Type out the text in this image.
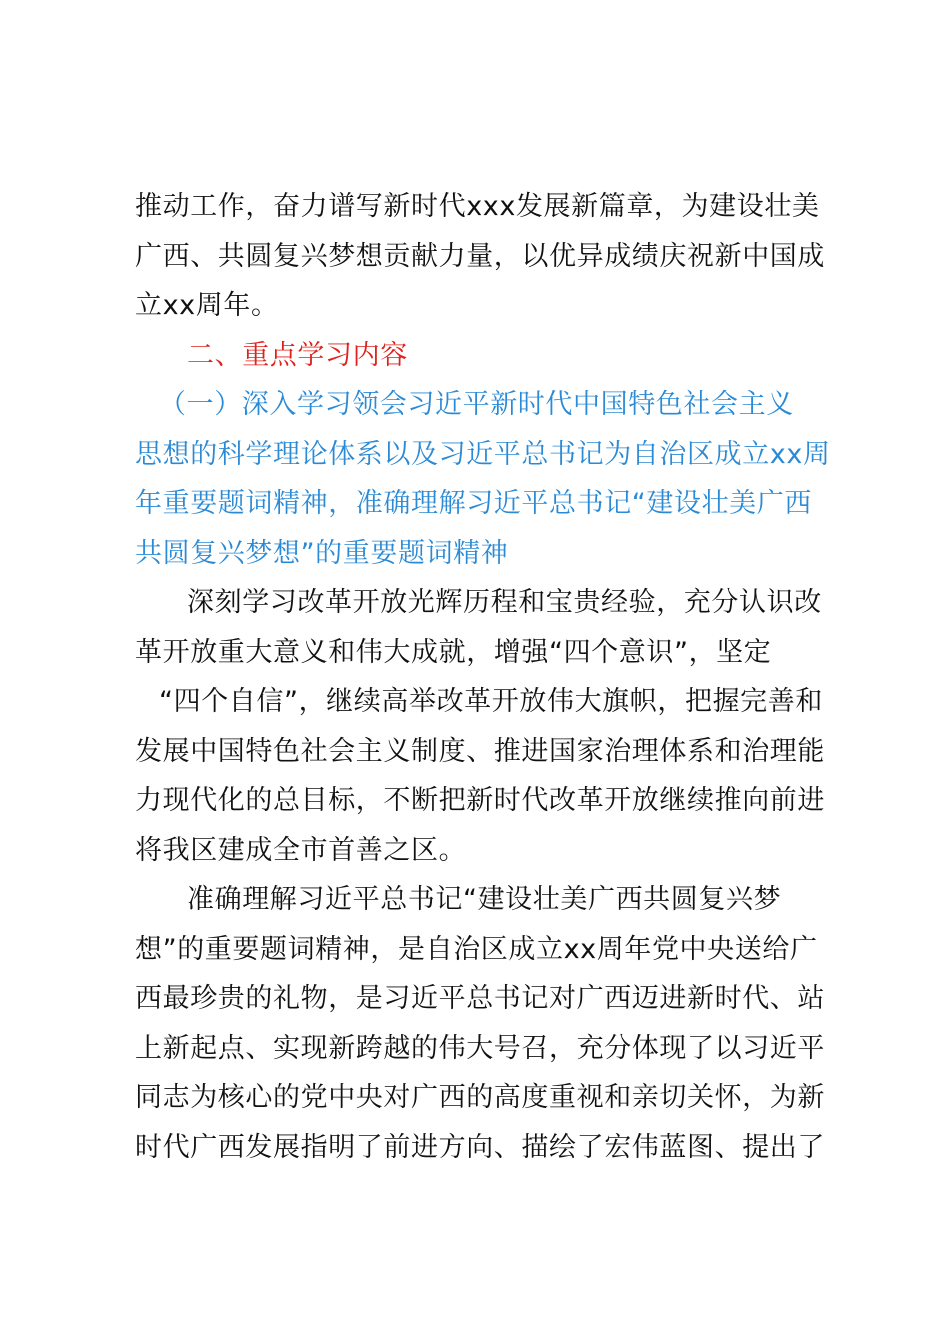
推动工作，奋力谱写新时代xxx发展新篇章，为建设壮美
广西、共圆复兴梦想贡献力量，以优异成绩庆祝新中国成
立xx周年。
二、重点学习内容
（一）深入学习领会习近平新时代中国特色社会主义
思想的科学理论体系以及习近平总书记为自治区成立xx周
年重要题词精神，准确理解习近平总书记“建设壮美广西
共圆复兴梦想”的重要题词精神
深刻学习改革开放光辉历程和宝贵经验，充分认识改
革开放重大意义和伟大成就，增强“四个意识”，坚定
“四个自信”，继续高举改革开放伟大旗帜，把握完善和
发展中国特色社会主义制度、推进国家治理体系和治理能
力现代化的总目标，不断把新时代改革开放继续推向前进
将我区建成全市首善之区。
准确理解习近平总书记“建设壮美广西共圆复兴梦
想”的重要题词精神，是自治区成立xx周年党中央送给广
西最珍贵的礼物，是习近平总书记对广西迈进新时代、站
上新起点、实现新跨越的伟大号召，充分体现了以习近平
同志为核心的党中央对广西的高度重视和亲切关怀，为新
时代广西发展指明了前进方向、描绘了宏伟蓝图、提出了
